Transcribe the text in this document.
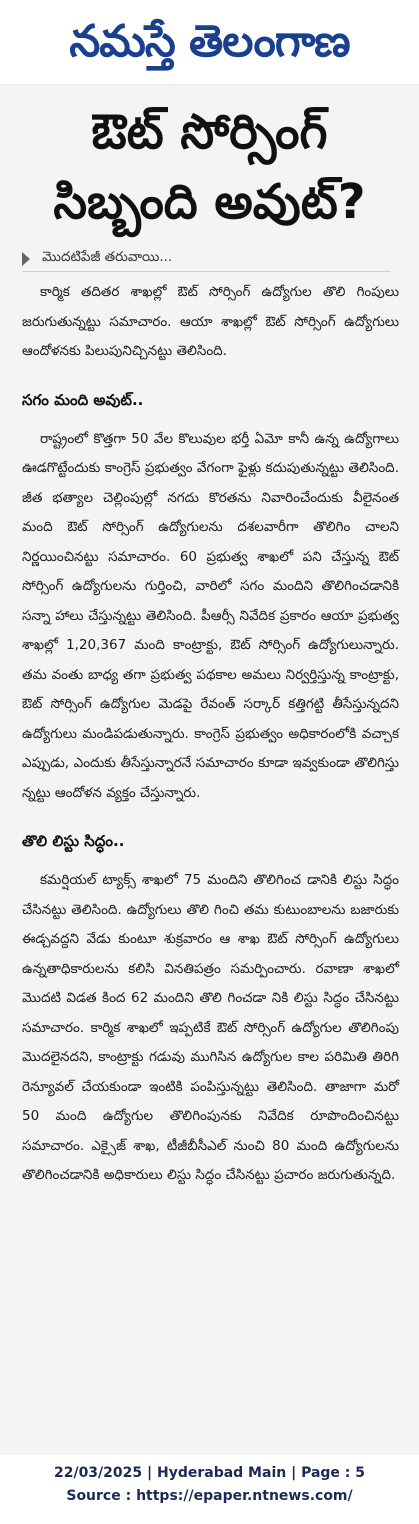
నమస్తే తెలంగాణ
ఔట్ సోర్సింగ్
సిబ్బంది అవుట్?
మొదటిపేజీ తరువాయి...

కార్మిక తదితర శాఖల్లో ఔట్ సోర్సింగ్ ఉద్యోగుల తొలి గింపులు జరుగుతున్నట్టు సమాచారం. ఆయా శాఖల్లో ఔట్ సోర్సింగ్ ఉద్యోగులు ఆందోళనకు పిలుపునిచ్చినట్టు తెలిసింది.

సగం మంది అవుట్..

రాష్ట్రంలో కొత్తగా 50 వేల కొలువుల భర్తీ ఏమో కానీ ఉన్న ఉద్యోగాలు ఊడగొట్టేందుకు కాంగ్రెస్ ప్రభుత్వం వేగంగా ఫైళ్లు కదుపుతున్నట్టు తెలిసింది. జీత భత్యాల చెల్లింపుల్లో నగదు కొరతను నివారించేందుకు వీలైనంత మంది ఔట్ సోర్సింగ్ ఉద్యోగులను దశలవారీగా తొలిగిం చాలని నిర్ణయించినట్టు సమాచారం. 60 ప్రభుత్వ శాఖలో పని చేస్తున్న ఔట్ సోర్సింగ్ ఉద్యోగులను గుర్తించి, వారిలో సగం మందిని తొలిగించడానికి సన్నా హాలు చేస్తున్నట్టు తెలిసింది. పీఆర్సీ నివేదిక ప్రకారం ఆయా ప్రభుత్వ శాఖల్లో 1,20,367 మంది కాంట్రాక్టు, ఔట్ సోర్సింగ్ ఉద్యోగులున్నారు. తమ వంతు బాధ్య తగా ప్రభుత్వ పథకాల అమలు నిర్వర్తిస్తున్న కాంట్రాక్టు, ఔట్ సోర్సింగ్ ఉద్యోగుల మెడపై రేవంత్ సర్కార్ కత్తిగట్టి తీసేస్తున్నదని ఉద్యోగులు మండిపడుతున్నారు. కాంగ్రెస్ ప్రభుత్వం అధికారంలోకి వచ్చాక ఎప్పుడు, ఎందుకు తీసేస్తున్నారనే సమాచారం కూడా ఇవ్వకుండా తొలిగిస్తు న్నట్టు ఆందోళన వ్యక్తం చేస్తున్నారు.

తొలి లిస్టు సిద్ధం..

కమర్షియల్ ట్యాక్స్ శాఖలో 75 మందిని తొలిగించ డానికి లిస్టు సిద్ధం చేసినట్టు తెలిసింది. ఉద్యోగులు తొలి గించి తమ కుటుంబాలను బజారుకు ఈడ్చవద్దని వేడు కుంటూ శుక్రవారం ఆ శాఖ ఔట్ సోర్సింగ్ ఉద్యోగులు ఉన్నతాధికారులను కలిసి వినతిపత్రం సమర్పించారు. రవాణా శాఖలో మొదటి విడత కింద 62 మందిని తొలి గించడా నికి లిస్టు సిద్ధం చేసినట్టు సమాచారం. కార్మిక శాఖలో ఇప్పటికే ఔట్ సోర్సింగ్ ఉద్యోగుల తొలిగింపు మొదలైనదని, కాంట్రాక్టు గడువు ముగిసిన ఉద్యోగుల కాల పరిమితి తిరిగి రెన్యూవల్ చేయకుండా ఇంటికి పంపిస్తున్నట్టు తెలిసింది. తాజాగా మరో 50 మంది ఉద్యోగుల తొలిగింపునకు నివేదిక రూపొందించినట్టు సమాచారం. ఎక్సైజ్ శాఖ, టీజీబీసీఎల్ నుంచి 80 మంది ఉద్యోగులను తొలిగించడానికి అధికారులు లిస్టు సిద్ధం చేసినట్టు ప్రచారం జరుగుతున్నది.

22/03/2025 | Hyderabad Main | Page : 5
Source : https://epaper.ntnews.com/
